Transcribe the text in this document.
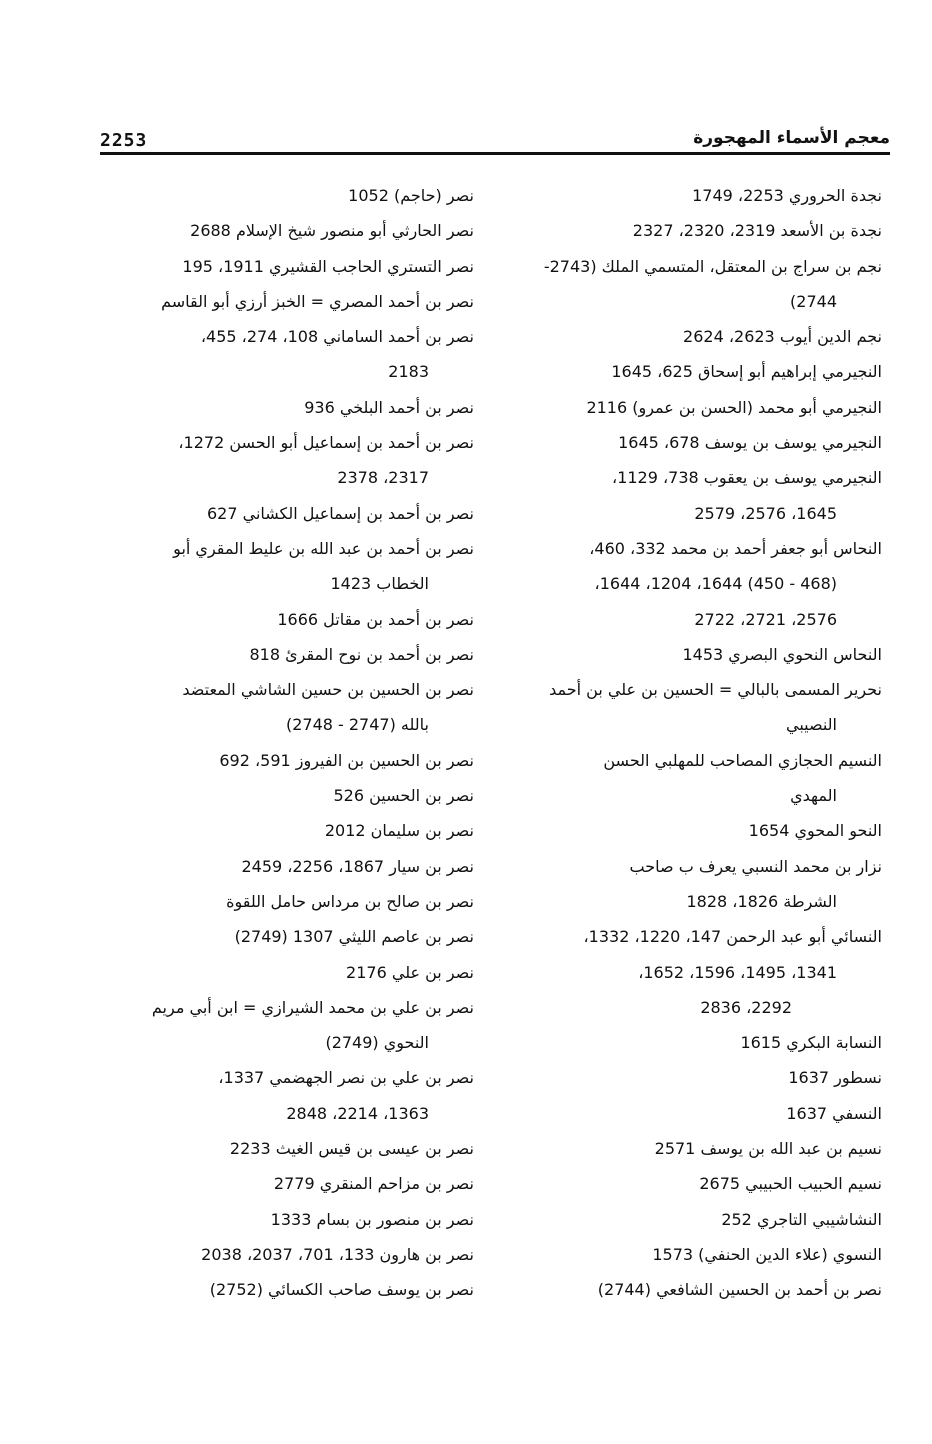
2253	معجم الأسماء المهجورة

نجدة الحروري 2253، 1749

نجدة بن الأسعد 2319، 2320، 2327

نجم بن سراج بن المعتقل، المتسمي الملك (2743-

2744)

نجم الدين أيوب 2623، 2624

النجيرمي إبراهيم أبو إسحاق 625، 1645

النجيرمي أبو محمد (الحسن بن عمرو) 2116

النجيرمي يوسف بن يوسف 678، 1645

النجيرمي يوسف بن يعقوب 738، 1129،

1645، 2576، 2579

النحاس أبو جعفر أحمد بن محمد 332، 460،

(468 - 450) 1644، 1204، 1644،

2576، 2721، 2722

النحاس النحوي البصري 1453

نحرير المسمى بالبالي = الحسين بن علي بن أحمد

النصيبي

النسيم الحجازي المصاحب للمهلبي الحسن

المهدي

النحو المحوي 1654

نزار بن محمد النسبي يعرف ب صاحب

الشرطة 1826، 1828

النسائي أبو عبد الرحمن 147، 1220، 1332،

1341، 1495، 1596، 1652،

2292، 2836

النسابة البكري 1615

نسطور 1637

النسفي 1637

نسيم بن عبد الله بن يوسف 2571

نسيم الحبيب الحبيبي 2675

النشاشيبي التاجري 252

النسوي (علاء الدين الحنفي) 1573

نصر بن أحمد بن الحسين الشافعي (2744)

نصر (حاجم) 1052

نصر الحارثي أبو منصور شيخ الإسلام 2688

نصر التستري الحاجب القشيري 1911، 195

نصر بن أحمد المصري = الخبز أرزي أبو القاسم

نصر بن أحمد الساماني 108، 274، 455،

2183

نصر بن أحمد البلخي 936

نصر بن أحمد بن إسماعيل أبو الحسن 1272،

2317، 2378

نصر بن أحمد بن إسماعيل الكشاني 627

نصر بن أحمد بن عبد الله بن عليط المقري أبو

الخطاب 1423

نصر بن أحمد بن مقاتل 1666

نصر بن أحمد بن نوح المقرئ 818

نصر بن الحسين بن حسين الشاشي المعتضد

بالله (2747 - 2748)

نصر بن الحسين بن الفيروز 591، 692

نصر بن الحسين 526

نصر بن سليمان 2012

نصر بن سيار 1867، 2256، 2459

نصر بن صالح بن مرداس حامل اللقوة

نصر بن عاصم الليثي 1307 (2749)

نصر بن علي 2176

نصر بن علي بن محمد الشيرازي = ابن أبي مريم

النحوي (2749)

نصر بن علي بن نصر الجهضمي 1337،

1363، 2214، 2848

نصر بن عيسى بن قيس الغيث 2233

نصر بن مزاحم المنقري 2779

نصر بن منصور بن بسام 1333

نصر بن هارون 133، 701، 2037، 2038

نصر بن يوسف صاحب الكسائي (2752)
